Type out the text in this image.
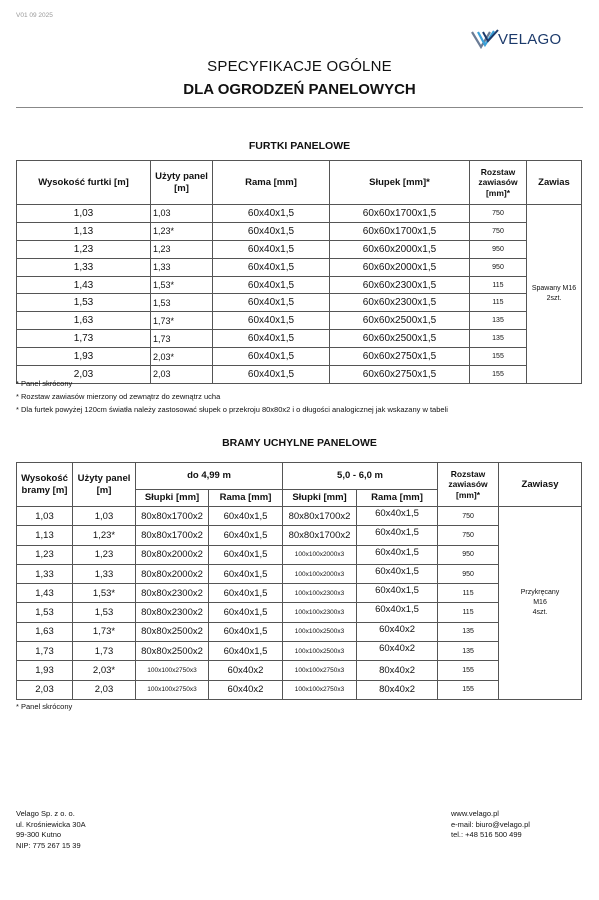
V01 09 2025
VELAGO
SPECYFIKACJE OGÓLNE
DLA OGRODZEŃ PANELOWYCH
FURTKI PANELOWE
Wysokość furtki [m]	Użyty panel [m]	Rama [mm]	Słupek [mm]*	Rozstaw zawiasów [mm]*	Zawias
1,03	1,03	60x40x1,5	60x60x1700x1,5	750	Spawany M16
2szt.

1,13	1,23*	60x40x1,5	60x60x1700x1,5	750	
1,23	1,23	60x40x1,5	60x60x2000x1,5	950	
1,33	1,33	60x40x1,5	60x60x2000x1,5	950	
1,43	1,53*	60x40x1,5	60x60x2300x1,5	115	
1,53	1,53	60x40x1,5	60x60x2300x1,5	115	
1,63	1,73*	60x40x1,5	60x60x2500x1,5	135	
1,73	1,73	60x40x1,5	60x60x2500x1,5	135	
1,93	2,03*	60x40x1,5	60x60x2750x1,5	155	
2,03	2,03	60x40x1,5	60x60x2750x1,5	155	
* Panel skrócony
* Rozstaw zawiasów mierzony od zewnątrz do zewnątrz ucha
* Dla furtek powyżej 120cm światła należy zastosować słupek o przekroju 80x80x2 i o długości analogicznej jak wskazany w tabeli
BRAMY UCHYLNE PANELOWE
Wysokość bramy [m]	Użyty panel [m]	do 4,99 m		5,0 - 6,0 m		Rozstaw zawiasów [mm]*	Zawiasy
		Słupki [mm]	Rama [mm]	Słupki [mm]	Rama [mm]		
1,03	1,03	80x80x1700x2	60x40x1,5	80x80x1700x2	60x40x1,5	750	Przykręcany
M16
4szt.

1,13	1,23*	80x80x1700x2	60x40x1,5	80x80x1700x2	60x40x1,5	750	
1,23	1,23	80x80x2000x2	60x40x1,5	100x100x2000x3	60x40x1,5	950	
1,33	1,33	80x80x2000x2	60x40x1,5	100x100x2000x3	60x40x1,5	950	
1,43	1,53*	80x80x2300x2	60x40x1,5	100x100x2300x3	60x40x1,5	115	
1,53	1,53	80x80x2300x2	60x40x1,5	100x100x2300x3	60x40x1,5	115	
1,63	1,73*	80x80x2500x2	60x40x1,5	100x100x2500x3	60x40x2	135	
1,73	1,73	80x80x2500x2	60x40x1,5	100x100x2500x3	60x40x2	135	
1,93	2,03*	100x100x2750x3	60x40x2	100x100x2750x3	80x40x2	155	
2,03	2,03	100x100x2750x3	60x40x2	100x100x2750x3	80x40x2	155	
* Panel skrócony
Velago Sp. z o. o.
ul. Krośniewicka 30A
99-300 Kutno
NIP: 775 267 15 39
www.velago.pl
e-mail: biuro@velago.pl
tel.: +48 516 500 499
